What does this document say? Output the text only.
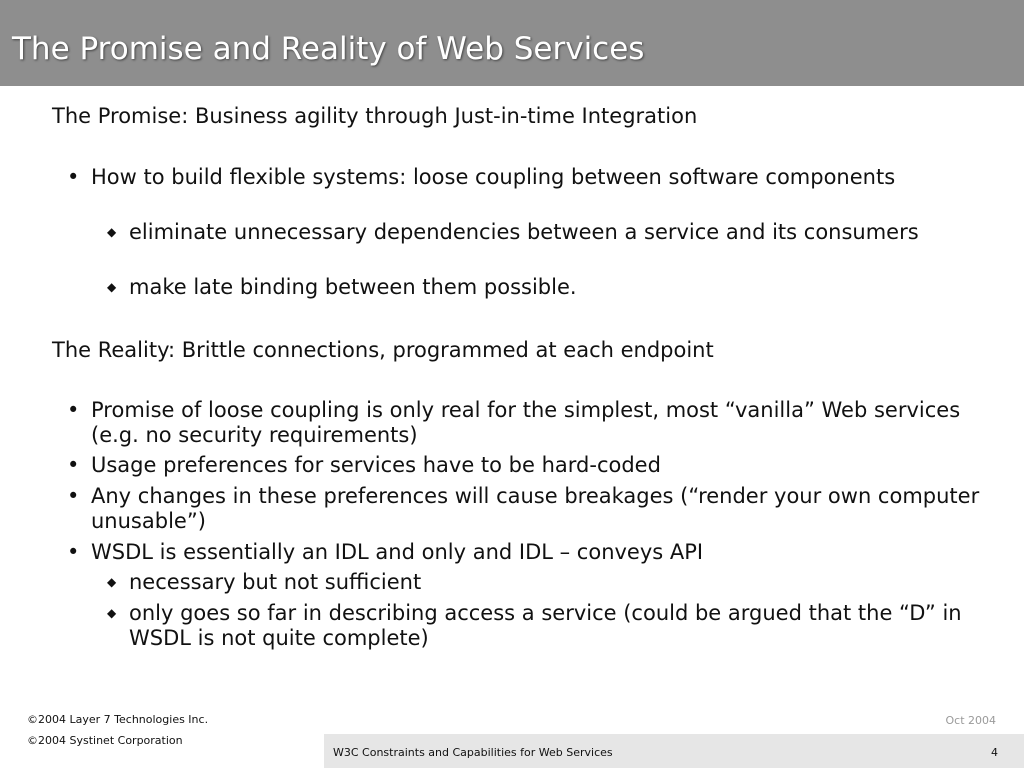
The Promise and Reality of Web Services
The Promise: Business agility through Just-in-time Integration
• How to build flexible systems: loose coupling between software components
◆ eliminate unnecessary dependencies between a service and its consumers
◆ make late binding between them possible.
The Reality: Brittle connections, programmed at each endpoint
• Promise of loose coupling is only real for the simplest, most “vanilla” Web services (e.g. no security requirements)
• Usage preferences for services have to be hard-coded
• Any changes in these preferences will cause breakages (“render your own computer unusable”)
• WSDL is essentially an IDL and only and IDL – conveys API
◆ necessary but not sufficient
◆ only goes so far in describing access a service (could be argued that the “D” in WSDL is not quite complete)
©2004 Layer 7 Technologies Inc.
©2004 Systinet Corporation
Oct 2004
W3C Constraints and Capabilities for Web Services	4
